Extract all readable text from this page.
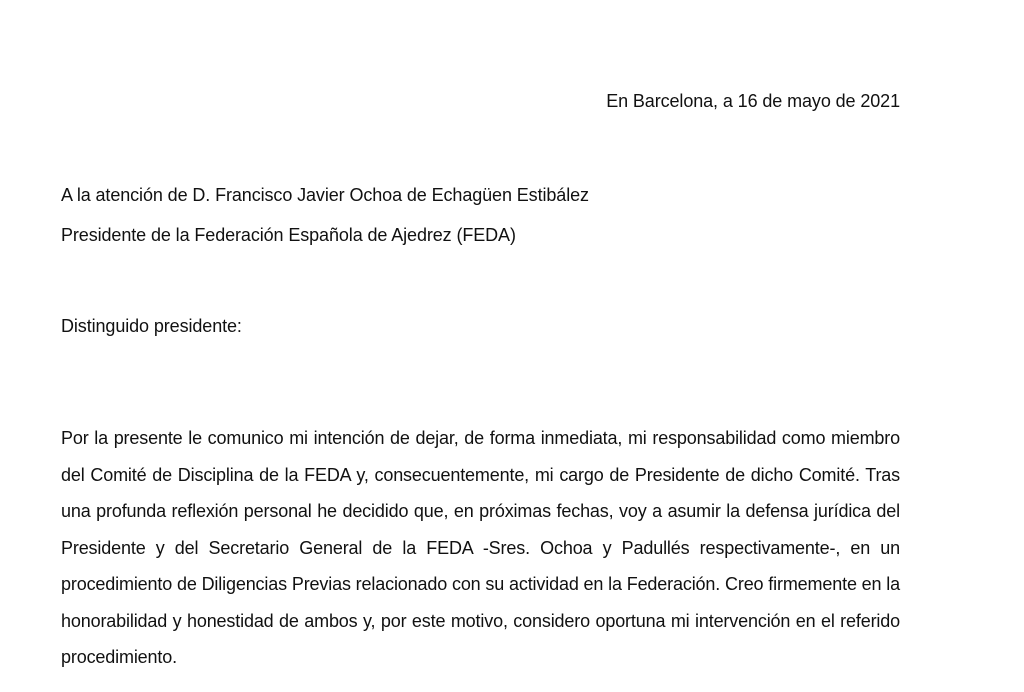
En Barcelona, a 16 de mayo de 2021
A la atención de D. Francisco Javier Ochoa de Echagüen Estibález
Presidente de la Federación Española de Ajedrez (FEDA)
Distinguido presidente:

Por la presente le comunico mi intención de dejar, de forma inmediata, mi responsabilidad como miembro del Comité de Disciplina de la FEDA y, consecuentemente, mi cargo de Presidente de dicho Comité. Tras una profunda reflexión personal he decidido que, en próximas fechas, voy a asumir la defensa jurídica del Presidente y del Secretario General de la FEDA -Sres. Ochoa y Padullés respectivamente-, en un procedimiento de Diligencias Previas relacionado con su actividad en la Federación. Creo firmemente en la honorabilidad y honestidad de ambos y, por este motivo, considero oportuna mi intervención en el referido procedimiento.
